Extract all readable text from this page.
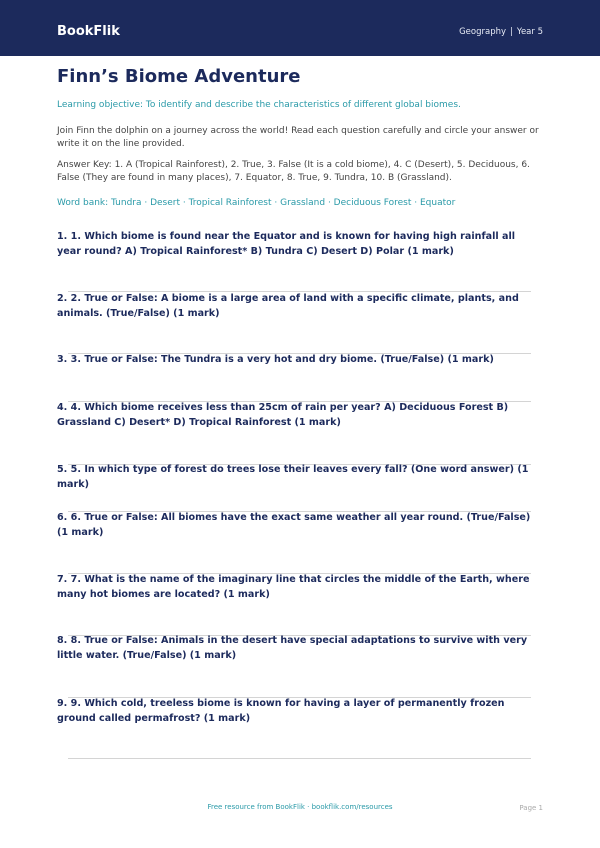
BookFlik	Geography | Year 5
Finn’s Biome Adventure
Learning objective: To identify and describe the characteristics of different global biomes.
Join Finn the dolphin on a journey across the world! Read each question carefully and circle your answer or write it on the line provided.
Answer Key: 1. A (Tropical Rainforest), 2. True, 3. False (It is a cold biome), 4. C (Desert), 5. Deciduous, 6. False (They are found in many places), 7. Equator, 8. True, 9. Tundra, 10. B (Grassland).
Word bank: Tundra · Desert · Tropical Rainforest · Grassland · Deciduous Forest · Equator
1. 1. Which biome is found near the Equator and is known for having high rainfall all year round? A) Tropical Rainforest* B) Tundra C) Desert D) Polar (1 mark)
2. 2. True or False: A biome is a large area of land with a specific climate, plants, and animals. (True/False) (1 mark)
3. 3. True or False: The Tundra is a very hot and dry biome. (True/False) (1 mark)
4. 4. Which biome receives less than 25cm of rain per year? A) Deciduous Forest B) Grassland C) Desert* D) Tropical Rainforest (1 mark)
5. 5. In which type of forest do trees lose their leaves every fall? (One word answer) (1 mark)
6. 6. True or False: All biomes have the exact same weather all year round. (True/False) (1 mark)
7. 7. What is the name of the imaginary line that circles the middle of the Earth, where many hot biomes are located? (1 mark)
8. 8. True or False: Animals in the desert have special adaptations to survive with very little water. (True/False) (1 mark)
9. 9. Which cold, treeless biome is known for having a layer of permanently frozen ground called permafrost? (1 mark)
Free resource from BookFlik · bookflik.com/resources	Page 1
